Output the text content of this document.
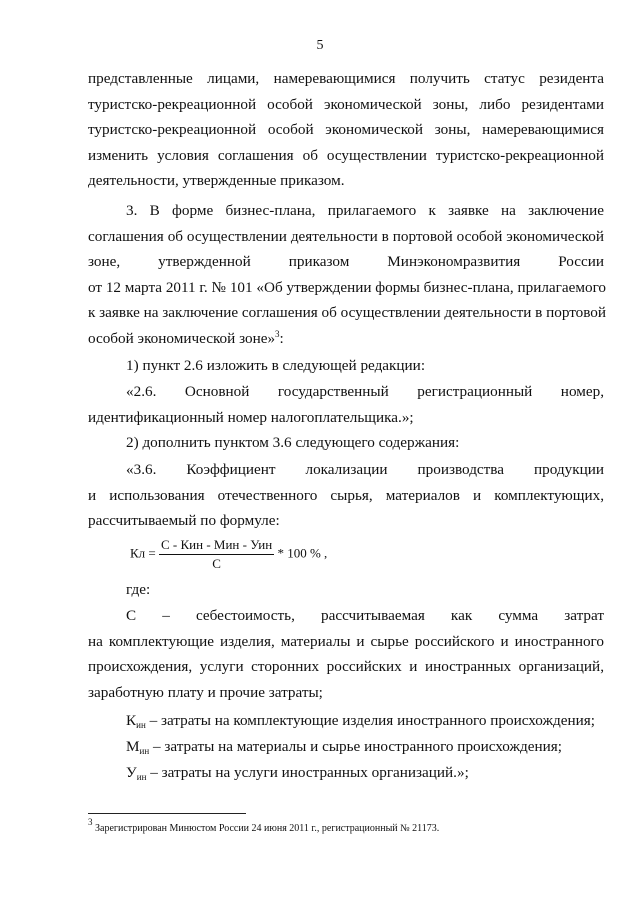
5
представленные лицами, намеревающимися получить статус резидента
туристско-рекреационной особой экономической зоны, либо резидентами
туристско-рекреационной особой экономической зоны, намеревающимися
изменить условия соглашения об осуществлении туристско-рекреационной
деятельности, утвержденные приказом.
3. В форме бизнес-плана, прилагаемого к заявке на заключение
соглашения об осуществлении деятельности в портовой особой экономической
зоне, утвержденной приказом Минэкономразвития России
от 12 марта 2011 г. № 101 «Об утверждении формы бизнес-плана, прилагаемого
к заявке на заключение соглашения об осуществлении деятельности в портовой
особой экономической зоне»$^3$:
1) пункт 2.6 изложить в следующей редакции:
«2.6. Основной государственный регистрационный номер,
идентификационный номер налогоплательщика.»;
2) дополнить пунктом 3.6 следующего содержания:
«3.6. Коэффициент локализации производства продукции
и использования отечественного сырья, материалов и комплектующих,
рассчитываемый по формуле:
Кл = $\frac{\text{С - Кин - Мин - Уин}}{С} * 100$ % ,
где:
С – себестоимость, рассчитываемая как сумма затрат
на комплектующие изделия, материалы и сырье российского и иностранного
происхождения, услуги сторонних российских и иностранных организаций,
заработную плату и прочие затраты;
$К_{ин}$ – затраты на комплектующие изделия иностранного происхождения;
$М_{ин}$ – затраты на материалы и сырье иностранного происхождения;
$У_{ин}$ – затраты на услуги иностранных организаций.»;
$^3$ Зарегистрирован Минюстом России 24 июня 2011 г., регистрационный № 21173.
